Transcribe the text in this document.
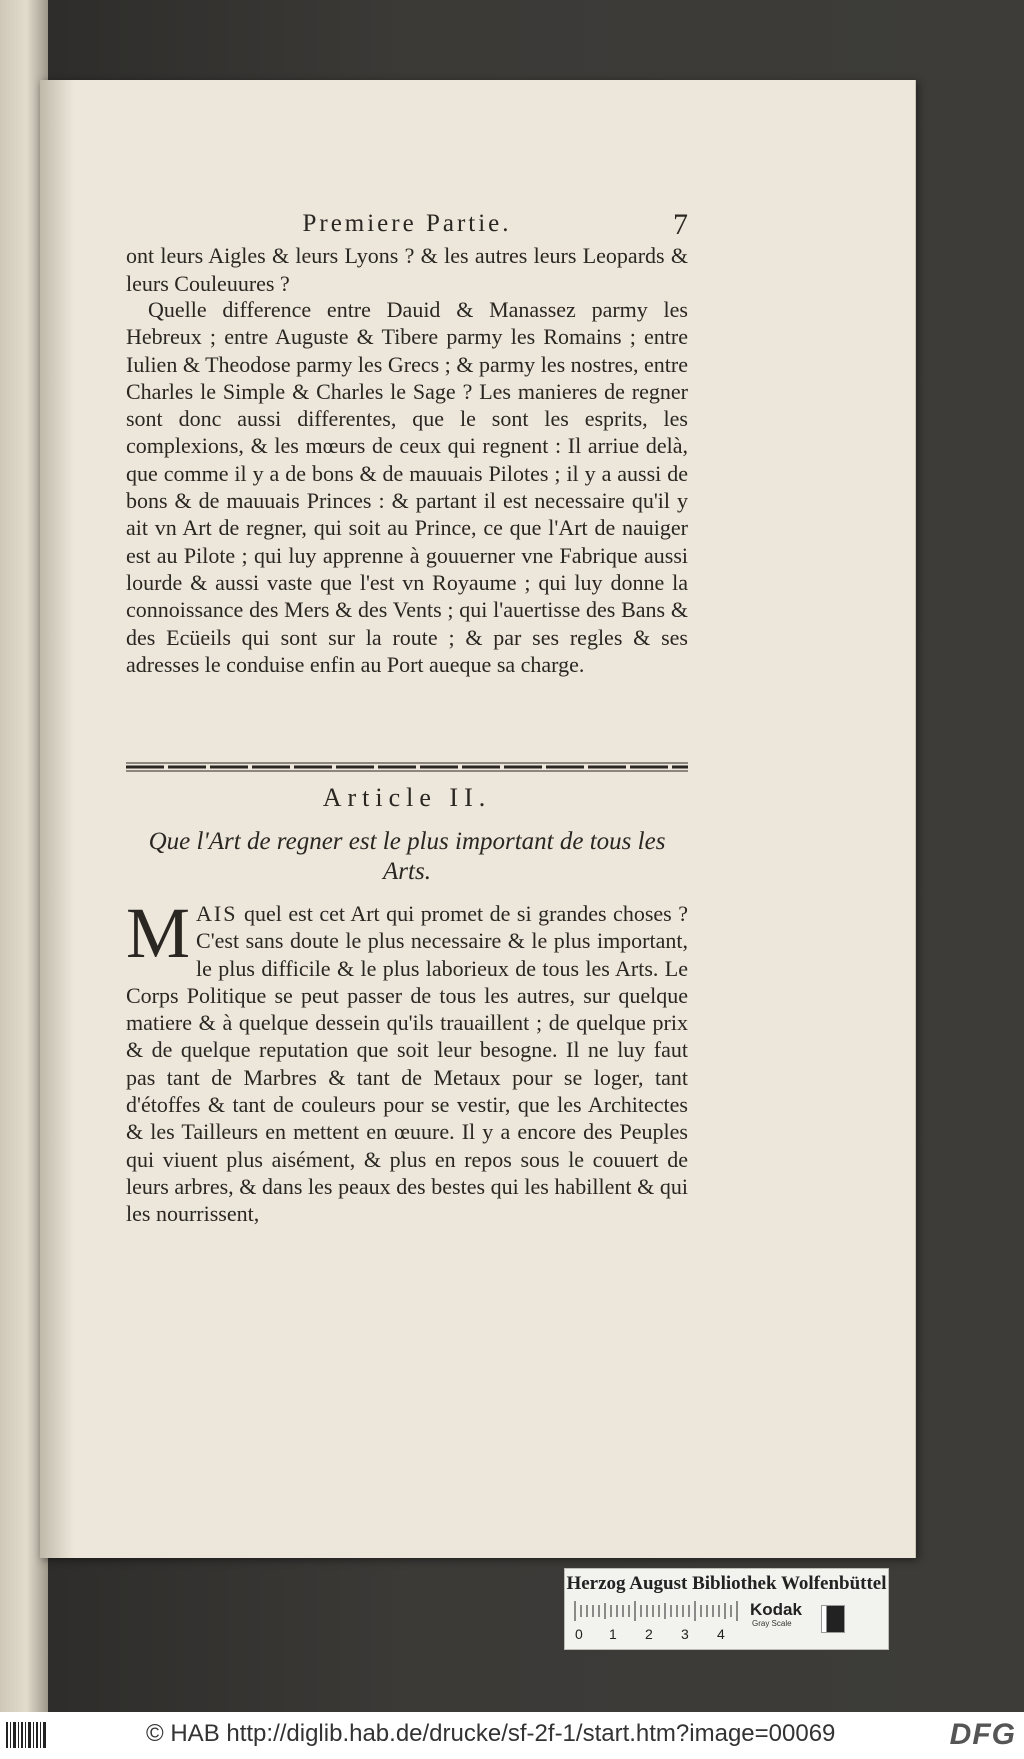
Premiere Partie.	7
ont leurs Aigles & leurs Lyons ? & les autres leurs Leopards & leurs Couleuures ?
Quelle difference entre Dauid & Manassez parmy les Hebreux ; entre Auguste & Tibere parmy les Romains ; entre Iulien & Theodose parmy les Grecs ; & parmy les nostres, entre Charles le Simple & Charles le Sage ? Les manieres de regner sont donc aussi differentes, que le sont les esprits, les complexions, & les mœurs de ceux qui regnent : Il arriue delà, que comme il y a de bons & de mauuais Pilotes ; il y a aussi de bons & de mauuais Princes : & partant il est necessaire qu'il y ait vn Art de regner, qui soit au Prince, ce que l'Art de nauiger est au Pilote ; qui luy apprenne à gouuerner vne Fabrique aussi lourde & aussi vaste que l'est vn Royaume ; qui luy donne la connoissance des Mers & des Vents ; qui l'auertisse des Bans & des Ecüeils qui sont sur la route ; & par ses regles & ses adresses le conduise enfin au Port aueque sa charge.
Article II.
Que l'Art de regner est le plus important de tous les Arts.
MAIS quel est cet Art qui promet de si grandes choses ? C'est sans doute le plus necessaire & le plus important, le plus difficile & le plus laborieux de tous les Arts. Le Corps Politique se peut passer de tous les autres, sur quelque matiere & à quelque dessein qu'ils trauaillent ; de quelque prix & de quelque reputation que soit leur besogne. Il ne luy faut pas tant de Marbres & tant de Metaux pour se loger, tant d'étoffes & tant de couleurs pour se vestir, que les Architectes & les Tailleurs en mettent en œuure. Il y a encore des Peuples qui viuent plus aisément, & plus en repos sous le couuert de leurs arbres, & dans les peaux des bestes qui les habillent & qui les nourrissent,
Herzog August Bibliothek Wolfenbüttel
0 1 2 3 4
Kodak
Gray Scale
© HAB http://diglib.hab.de/drucke/sf-2f-1/start.htm?image=00069	DFG
